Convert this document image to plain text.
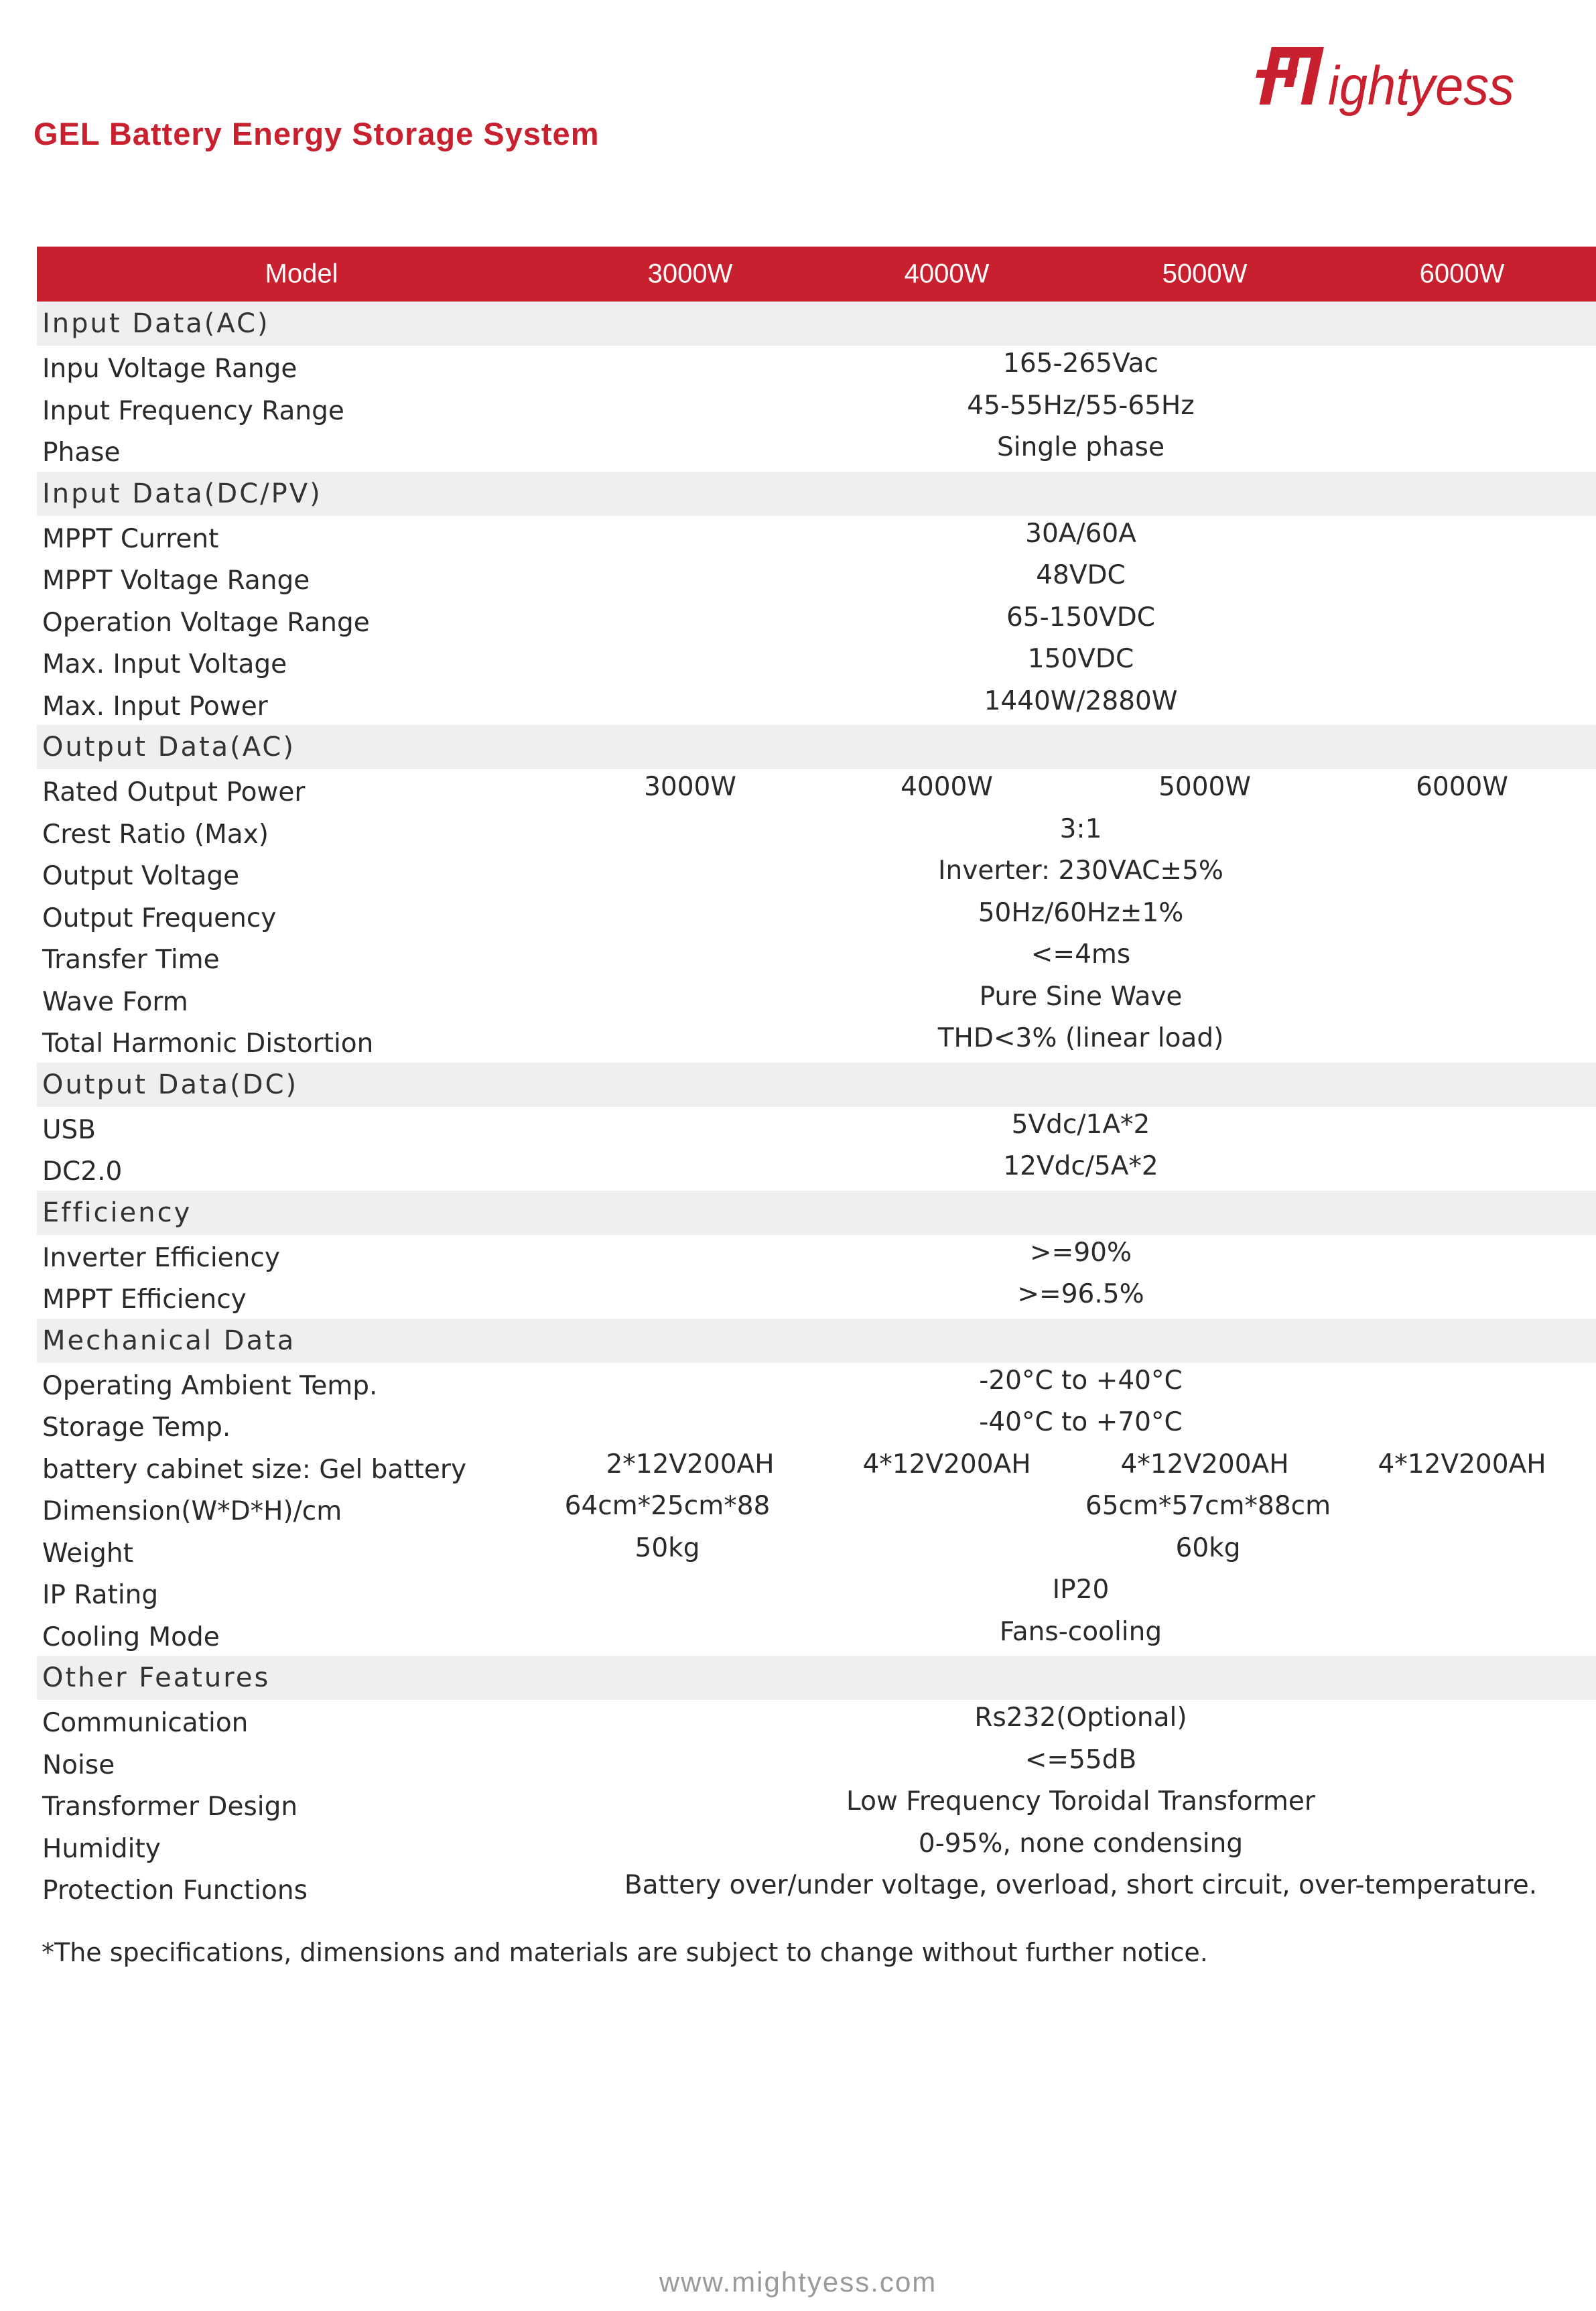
ightyess
GEL Battery Energy Storage System
Model	3000W	4000W	5000W	6000W
Input Data(AC)
Inpu Voltage Range	165-265Vac
Input Frequency Range	45-55Hz/55-65Hz
Phase	Single phase
Input Data(DC/PV)
MPPT Current	30A/60A
MPPT Voltage Range	48VDC
Operation Voltage Range	65-150VDC
Max. Input Voltage	150VDC
Max. Input Power	1440W/2880W
Output Data(AC)
Rated Output Power	3000W	4000W	5000W	6000W
Crest Ratio (Max)	3:1
Output Voltage	Inverter: 230VAC±5%
Output Frequency	50Hz/60Hz±1%
Transfer Time	<=4ms
Wave Form	Pure Sine Wave
Total Harmonic Distortion	THD<3% (linear load)
Output Data(DC)
USB	5Vdc/1A*2
DC2.0	12Vdc/5A*2
Efficiency
Inverter Efficiency	>=90%
MPPT Efficiency	>=96.5%
Mechanical Data
Operating Ambient Temp.	-20°C to +40°C
Storage Temp.	-40°C to +70°C
battery cabinet size: Gel battery	2*12V200AH	4*12V200AH	4*12V200AH	4*12V200AH
Dimension(W*D*H)/cm	64cm*25cm*88	65cm*57cm*88cm
Weight	50kg	60kg
IP Rating	IP20
Cooling Mode	Fans-cooling
Other Features
Communication	Rs232(Optional)
Noise	<=55dB
Transformer Design	Low Frequency Toroidal Transformer
Humidity	0-95%, none condensing
Protection Functions	Battery over/under voltage, overload, short circuit, over-temperature.
*The specifications, dimensions and materials are subject to change without further notice.
www.mightyess.com
